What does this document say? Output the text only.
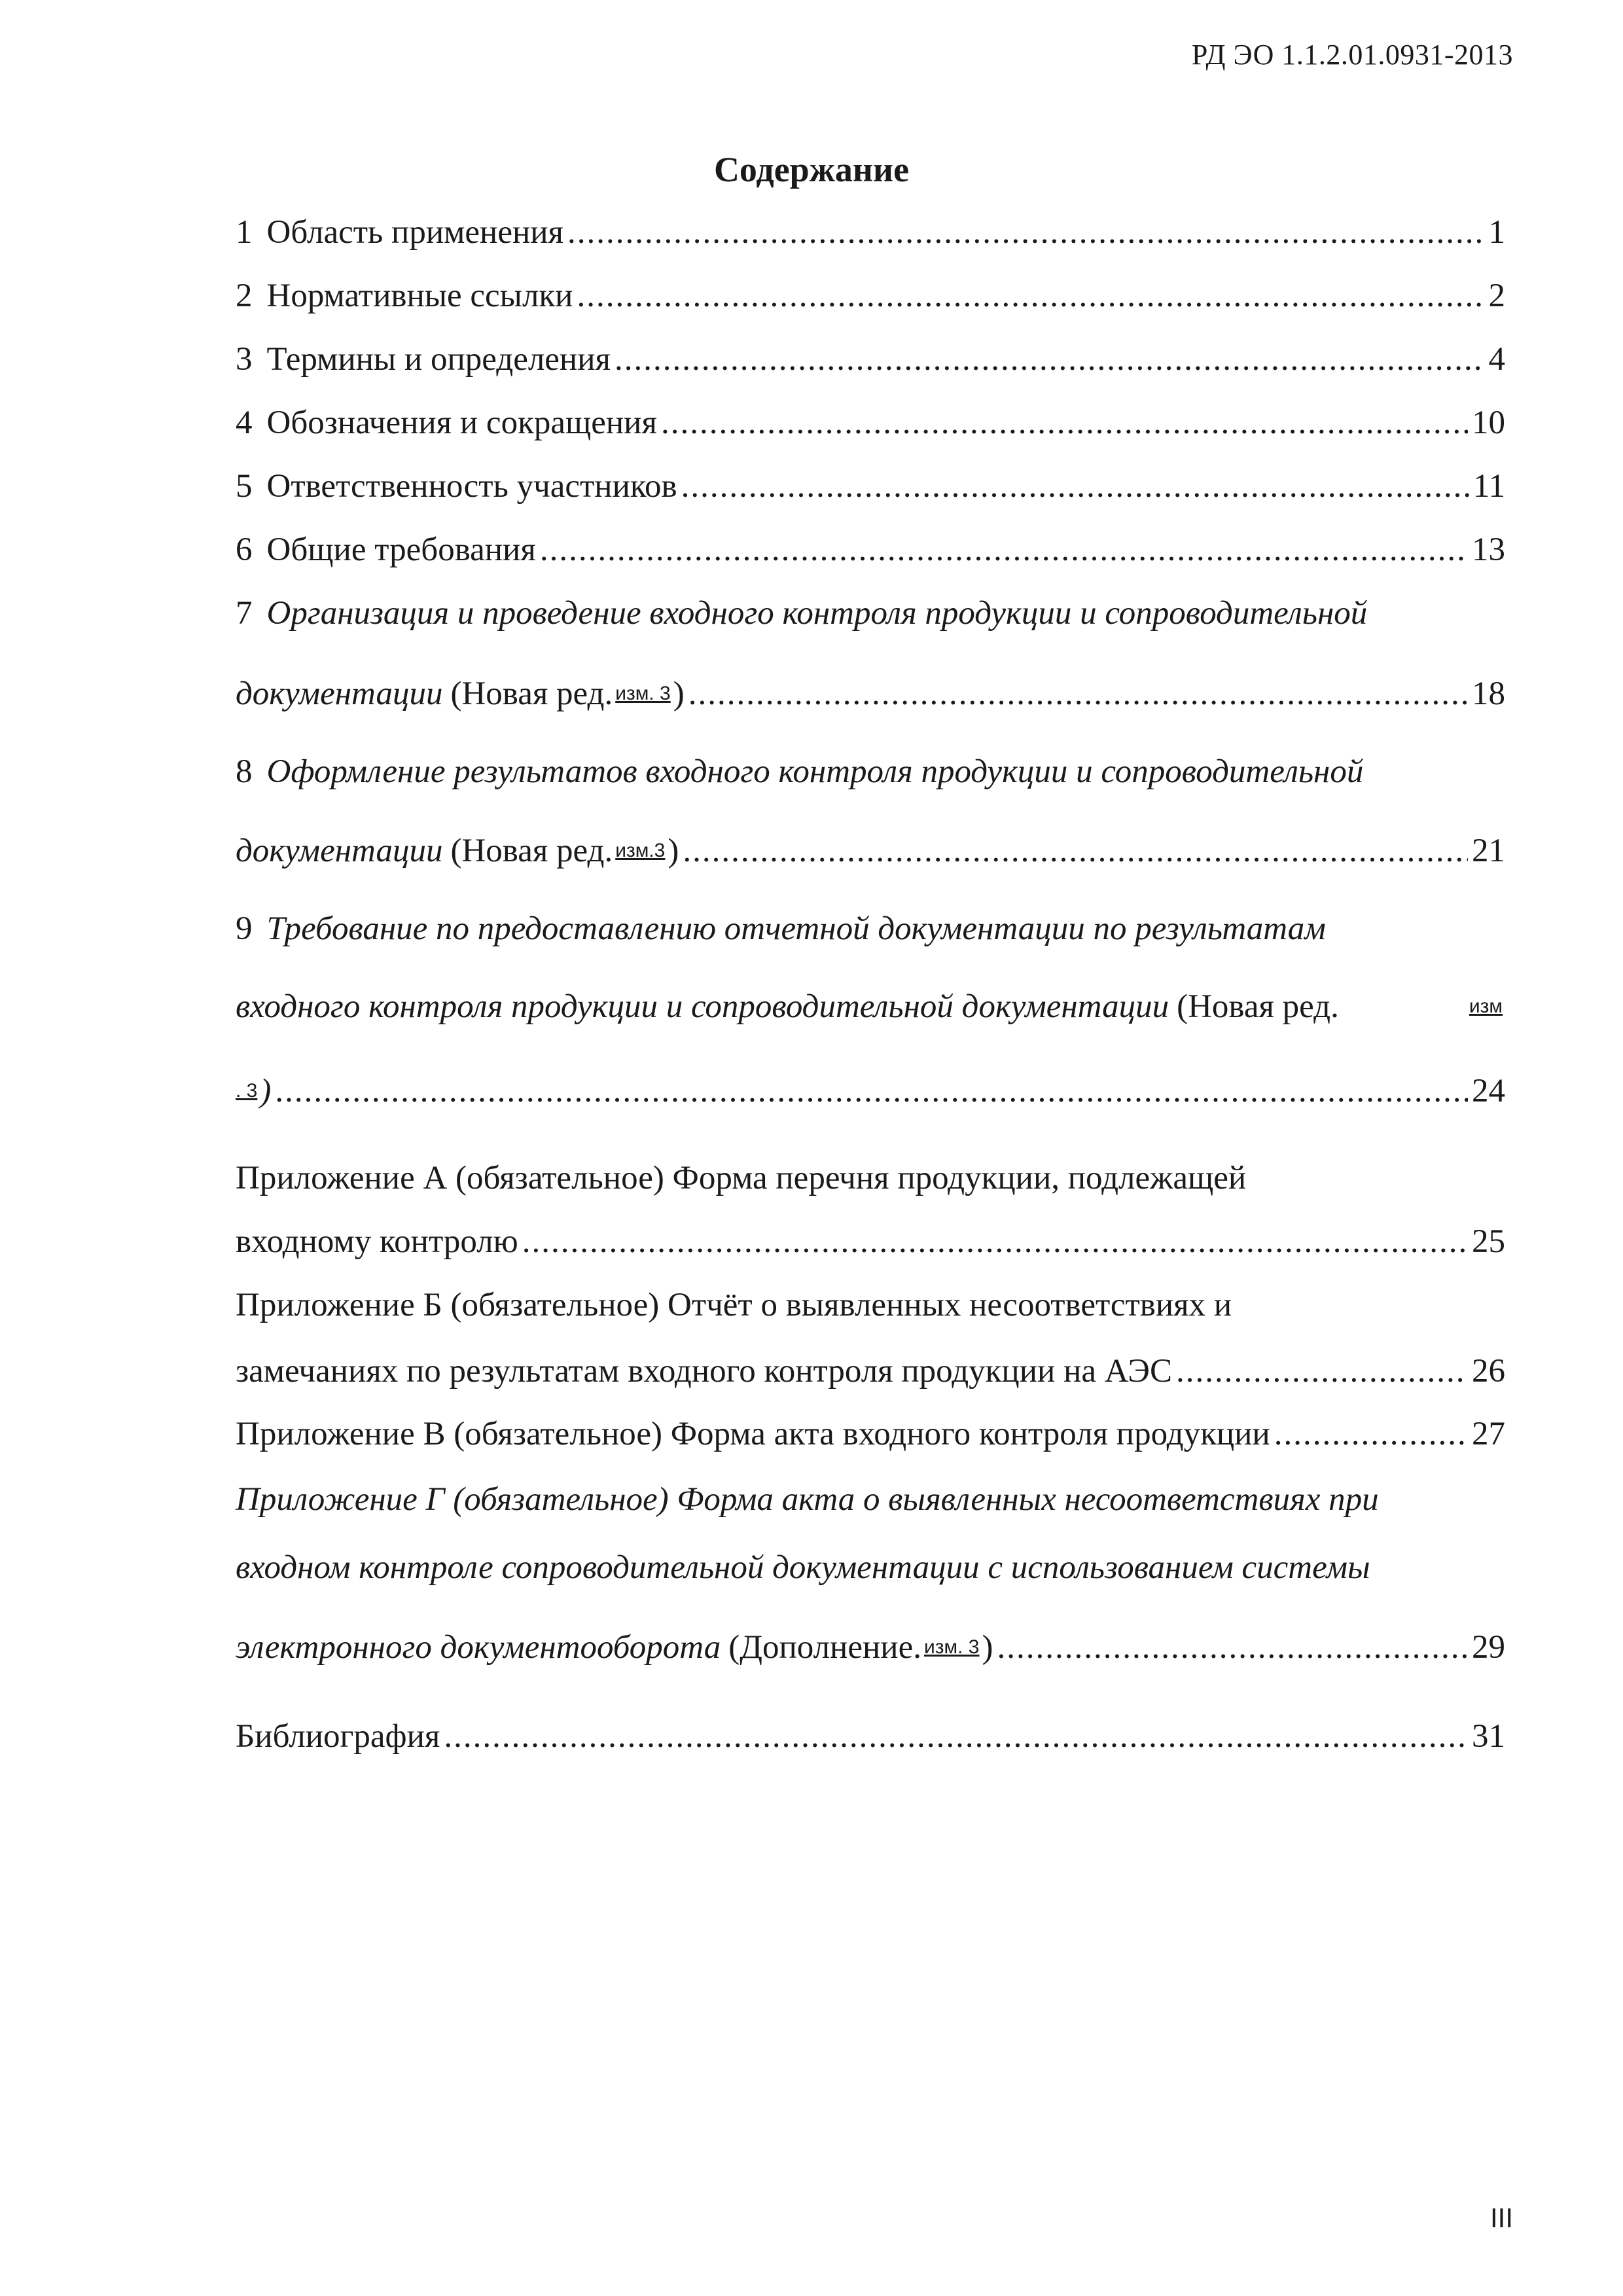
РД ЭО 1.1.2.01.0931-2013
Содержание
1 Область применения .....	1
2 Нормативные ссылки .....	2
3 Термины и определения .....	4
4 Обозначения и сокращения .....	10
5 Ответственность участников .....	11
6 Общие требования .....	13
7 Организация и проведение входного контроля продукции и сопроводительной
документации (Новая ред. изм. 3 ) .....	18
8 Оформление результатов входного контроля продукции и сопроводительной
документации (Новая ред. изм.3 ) .....	21
9 Требование по предоставлению отчетной документации по результатам
входного контроля продукции и сопроводительной документации (Новая ред.	изм
. 3 ) .....	24
Приложение А (обязательное) Форма перечня продукции, подлежащей
входному контролю .....	25
Приложение Б (обязательное) Отчёт о выявленных несоответствиях и
замечаниях по результатам входного контроля продукции на АЭС .....	26
Приложение В (обязательное) Форма акта входного контроля продукции .....	27
Приложение Г (обязательное) Форма акта о выявленных несоответствиях при
входном контроле сопроводительной документации с использованием системы
электронного документооборота (Дополнение. изм. 3 ) .....	29
Библиография .....	31
III
